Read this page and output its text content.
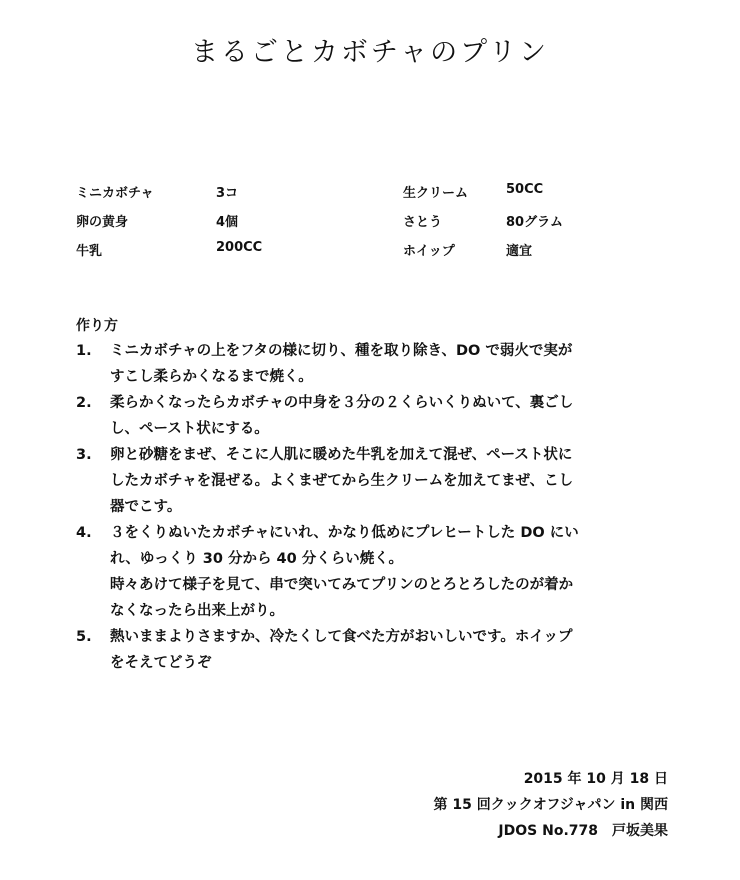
まるごとカボチャのプリン
ミニカボチャ	3コ	生クリーム	50CC
卵の黄身	4個	さとう	80グラム
牛乳	200CC	ホイップ	適宜
作り方
1. ミニカボチャの上をフタの様に切り、種を取り除き、DO で弱火で実が
すこし柔らかくなるまで焼く。
2. 柔らかくなったらカボチャの中身を３分の２くらいくりぬいて、裏ごし
し、ペースト状にする。
3. 卵と砂糖をまぜ、そこに人肌に暖めた牛乳を加えて混ぜ、ペースト状に
したカボチャを混ぜる。よくまぜてから生クリームを加えてまぜ、こし
器でこす。
4. ３をくりぬいたカボチャにいれ、かなり低めにプレヒートした DO にい
れ、ゆっくり 30 分から 40 分くらい焼く。
時々あけて様子を見て、串で突いてみてプリンのとろとろしたのが着か
なくなったら出来上がり。
5. 熱いままよりさますか、冷たくして食べた方がおいしいです。ホイップ
をそえてどうぞ
2015 年 10 月 18 日
第 15 回クックオフジャパン in 関西
JDOS No.778　戸坂美果
